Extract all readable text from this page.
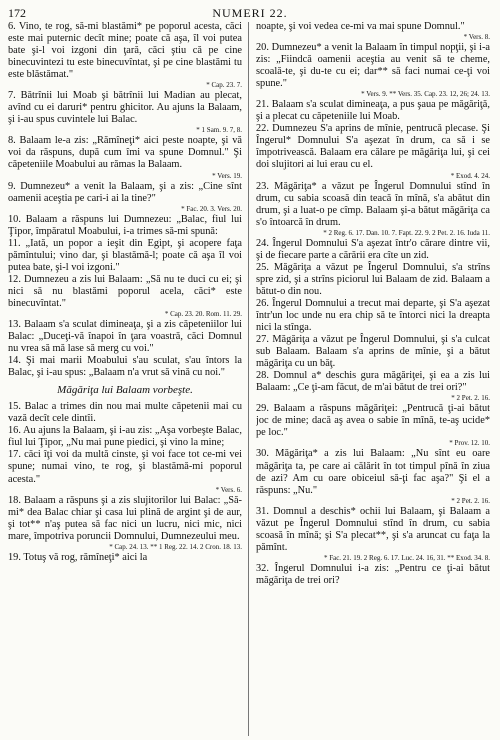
172	NUMERI 22.

6. Vino, te rog, să-mi blastămi* pe poporul acesta, căci este mai puternic decît mine; poate că aşa, îl voi putea bate şi-l voi izgoni din ţară, căci ştiu că pe cine binecuvintezi tu este binecuvîntat, şi pe cine blastămi tu este blăstămat."

* Cap. 23. 7.

7. Bătrînii lui Moab şi bătrînii lui Madian au plecat, avînd cu ei daruri* pentru ghicitor. Au ajuns la Balaam, şi i-au spus cuvintele lui Balac.

* 1 Sam. 9. 7, 8.

8. Balaam le-a zis: „Rămîneţi* aici peste noapte, şi vă voi da răspuns, după cum îmi va spune Domnul." Şi căpeteniile Moabului au rămas la Balaam.

* Vers. 19.

9. Dumnezeu* a venit la Balaam, şi a zis: „Cine sînt oamenii aceştia pe cari-i ai la tine?"

* Fac. 20. 3. Vers. 20.

10. Balaam a răspuns lui Dumnezeu: „Balac, fiul lui Ţipor, împăratul Moabului, i-a trimes să-mi spună:

11. „Iată, un popor a ieşit din Egipt, şi acopere faţa pămîntului; vino dar, şi blastămă-l; poate că aşa îl voi putea bate, şi-l voi izgoni."

12. Dumnezeu a zis lui Balaam: „Să nu te duci cu ei; şi nici să nu blastămi poporul acela, căci* este binecuvîntat."

* Cap. 23. 20. Rom. 11. 29.

13. Balaam s'a sculat dimineaţa, şi a zis căpeteniilor lui Balac: „Duceţi-vă înapoi în ţara voastră, căci Domnul nu vrea să mă lase să merg cu voi."

14. Şi mai marii Moabului s'au sculat, s'au întors la Balac, şi i-au spus: „Balaam n'a vrut să vină cu noi."

Măgăriţa lui Balaam vorbeşte.

15. Balac a trimes din nou mai multe căpetenii mai cu vază decît cele dintîi.

16. Au ajuns la Balaam, şi i-au zis: „Aşa vorbeşte Balac, fiul lui Ţipor, „Nu mai pune piedici, şi vino la mine;

17. căci îţi voi da multă cinste, şi voi face tot ce-mi vei spune; numai vino, te rog, şi blastămă-mi poporul acesta."

* Vers. 6.

18. Balaam a răspuns şi a zis slujitorilor lui Balac: „Să-mi* dea Balac chiar şi casa lui plină de argint şi de aur, şi tot** n'aş putea să fac nici un lucru, nici mic, nici mare, împotriva poruncii Domnului, Dumnezeului meu.

* Cap. 24. 13. ** 1 Reg. 22. 14. 2 Cron. 18. 13.

19. Totuş vă rog, rămîneţi* aici la

noapte, şi voi vedea ce-mi va mai spune Domnul."

* Vers. 8.

20. Dumnezeu* a venit la Balaam în timpul nopţii, şi i-a zis: „Fiindcă oamenii aceştia au venit să te cheme, scoală-te, şi du-te cu ei; dar** să faci numai ce-ţi voi spune."

* Vers. 9. ** Vers. 35. Cap. 23. 12, 26; 24. 13.

21. Balaam s'a sculat dimineaţa, a pus şaua pe măgăriţă, şi a plecat cu căpeteniile lui Moab.

22. Dumnezeu S'a aprins de mînie, pentrucă plecase. Şi Îngerul* Domnului S'a aşezat în drum, ca să i se împotrivească. Balaam era călare pe măgăriţa lui, şi cei doi slujitori ai lui erau cu el.

* Exod. 4. 24.

23. Măgăriţa* a văzut pe Îngerul Domnului stînd în drum, cu sabia scoasă din teacă în mînă, s'a abătut din drum, şi a luat-o pe cîmp. Balaam şi-a bătut măgăriţa ca s'o întoarcă în drum.

* 2 Reg. 6. 17. Dan. 10. 7. Fapt. 22. 9. 2 Pet. 2. 16. Iuda 11.

24. Îngerul Domnului S'a aşezat într'o cărare dintre vii, şi de fiecare parte a cărării era cîte un zid.

25. Măgăriţa a văzut pe Îngerul Domnului, s'a strîns spre zid, şi a strîns piciorul lui Balaam de zid. Balaam a bătut-o din nou.

26. Îngerul Domnului a trecut mai departe, şi S'a aşezat într'un loc unde nu era chip să te întorci nici la dreapta nici la stînga.

27. Măgăriţa a văzut pe Îngerul Domnului, şi s'a culcat sub Balaam. Balaam s'a aprins de mînie, şi a bătut măgăriţa cu un băţ.

28. Domnul a* deschis gura măgăriţei, şi ea a zis lui Balaam: „Ce ţi-am făcut, de m'ai bătut de trei ori?"

* 2 Pet. 2. 16.

29. Balaam a răspuns măgăriţei: „Pentrucă ţi-ai bătut joc de mine; dacă aş avea o sabie în mînă, te-aş ucide* pe loc."

* Prov. 12. 10.

30. Măgăriţa* a zis lui Balaam: „Nu sînt eu oare măgăriţa ta, pe care ai călărit în tot timpul pînă în ziua de azi? Am cu oare obiceiul să-ţi fac aşa?" Şi el a răspuns: „Nu."

* 2 Pet. 2. 16.

31. Domnul a deschis* ochii lui Balaam, şi Balaam a văzut pe Îngerul Domnului stînd în drum, cu sabia scoasă în mînă; şi S'a plecat**, şi s'a aruncat cu faţa la pămînt.

* Fac. 21. 19. 2 Reg. 6. 17. Luc. 24. 16, 31. ** Exod. 34. 8.

32. Îngerul Domnului i-a zis: „Pentru ce ţi-ai bătut măgăriţa de trei ori?
